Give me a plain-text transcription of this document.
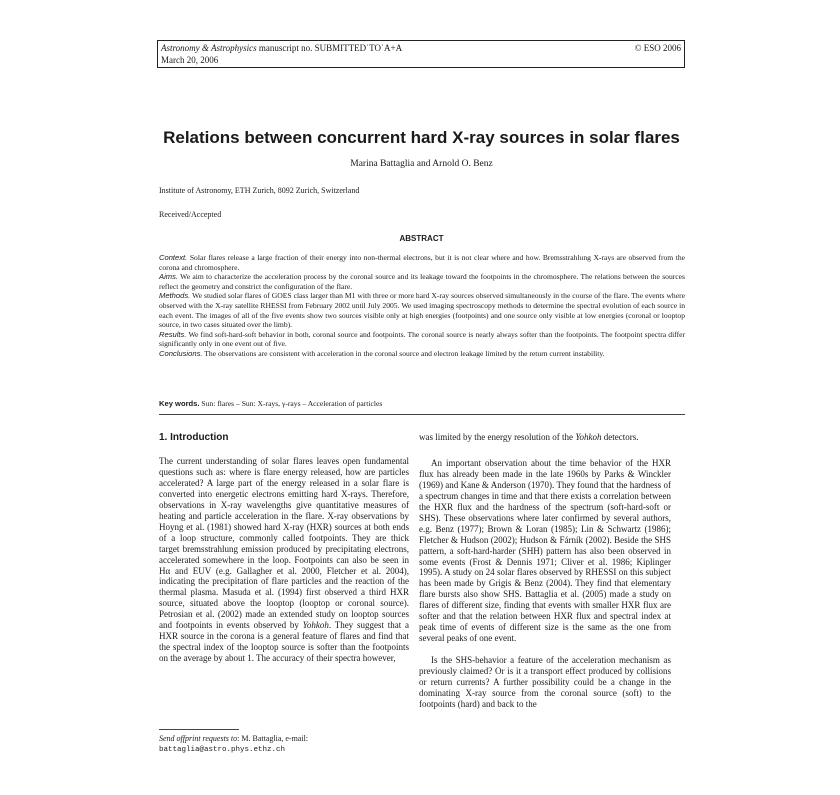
Astronomy & Astrophysics manuscript no. SUBMITTED˙TO˙A+A
March 20, 2006
© ESO 2006
Relations between concurrent hard X-ray sources in solar flares
Marina Battaglia and Arnold O. Benz
Institute of Astronomy, ETH Zurich, 8092 Zurich, Switzerland
Received/Accepted
ABSTRACT

Context. Solar flares release a large fraction of their energy into non-thermal electrons, but it is not clear where and how. Bremsstrahlung X-rays are observed from the corona and chromosphere.

Aims. We aim to characterize the acceleration process by the coronal source and its leakage toward the footpoints in the chromosphere. The relations between the sources reflect the geometry and constrict the configuration of the flare.

Methods. We studied solar flares of GOES class larger than M1 with three or more hard X-ray sources observed simultaneously in the course of the flare. The events where observed with the X-ray satellite RHESSI from February 2002 until July 2005. We used imaging spectroscopy methods to determine the spectral evolution of each source in each event. The images of all of the five events show two sources visible only at high energies (footpoints) and one source only visible at low energies (coronal or looptop source, in two cases situated over the limb).

Results. We find soft-hard-soft behavior in both, coronal source and footpoints. The coronal source is nearly always softer than the footpoints. The footpoint spectra differ significantly only in one event out of five.

Conclusions. The observations are consistent with acceleration in the coronal source and electron leakage limited by the return current instability.

Key words. Sun: flares – Sun: X-rays, γ-rays – Acceleration of particles
1. Introduction

The current understanding of solar flares leaves open fundamental questions such as: where is flare energy released, how are particles accelerated? A large part of the energy released in a solar flare is converted into energetic electrons emitting hard X-rays. Therefore, observations in X-ray wavelengths give quantitative measures of heating and particle acceleration in the flare. X-ray observations by Hoyng et al. (1981) showed hard X-ray (HXR) sources at both ends of a loop structure, commonly called footpoints. They are thick target bremsstrahlung emission produced by precipitating electrons, accelerated somewhere in the loop. Footpoints can also be seen in Hα and EUV (e.g. Gallagher et al. 2000, Fletcher et al. 2004), indicating the precipitation of flare particles and the reaction of the thermal plasma. Masuda et al. (1994) first observed a third HXR source, situated above the looptop (looptop or coronal source). Petrosian et al. (2002) made an extended study on looptop sources and footpoints in events observed by Yohkoh. They suggest that a HXR source in the corona is a general feature of flares and find that the spectral index of the looptop source is softer than the footpoints on the average by about 1. The accuracy of their spectra however,

Send offprint requests to: M. Battaglia, e-mail:
battaglia@astro.phys.ethz.ch

was limited by the energy resolution of the Yohkoh detectors.

An important observation about the time behavior of the HXR flux has already been made in the late 1960s by Parks & Winckler (1969) and Kane & Anderson (1970). They found that the hardness of a spectrum changes in time and that there exists a correlation between the HXR flux and the hardness of the spectrum (soft-hard-soft or SHS). These observations where later confirmed by several authors, e.g. Benz (1977); Brown & Loran (1985); Lin & Schwartz (1986); Fletcher & Hudson (2002); Hudson & Fárník (2002). Beside the SHS pattern, a soft-hard-harder (SHH) pattern has also been observed in some events (Frost & Dennis 1971; Cliver et al. 1986; Kiplinger 1995). A study on 24 solar flares observed by RHESSI on this subject has been made by Grigis & Benz (2004). They find that elementary flare bursts also show SHS. Battaglia et al. (2005) made a study on flares of different size, finding that events with smaller HXR flux are softer and that the relation between HXR flux and spectral index at peak time of events of different size is the same as the one from several peaks of one event.

Is the SHS-behavior a feature of the acceleration mechanism as previously claimed? Or is it a transport effect produced by collisions or return currents? A further possibility could be a change in the dominating X-ray source from the coronal source (soft) to the footpoints (hard) and back to the
